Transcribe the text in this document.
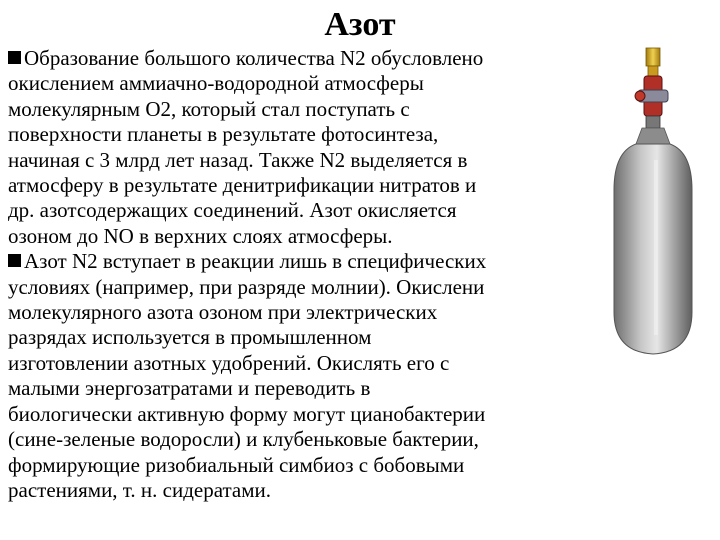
Азот
Образование большого количества N2 обусловлено
окислением аммиачно-водородной атмосферы
молекулярным О2, который стал поступать с
поверхности планеты в результате фотосинтеза,
начиная с 3 млрд лет назад. Также N2 выделяется в
атмосферу в результате денитрификации нитратов и
др. азотсодержащих соединений. Азот окисляется
озоном до NO в верхних слоях атмосферы.
Азот N2 вступает в реакции лишь в специфических
условиях (например, при разряде молнии). Окислени
молекулярного азота озоном при электрических
разрядах используется в промышленном
изготовлении азотных удобрений. Окислять его с
малыми энергозатратами и переводить в
биологически активную форму могут цианобактерии
(сине-зеленые водоросли) и клубеньковые бактерии,
формирующие ризобиальный симбиоз с бобовыми
растениями, т. н. сидератами.
